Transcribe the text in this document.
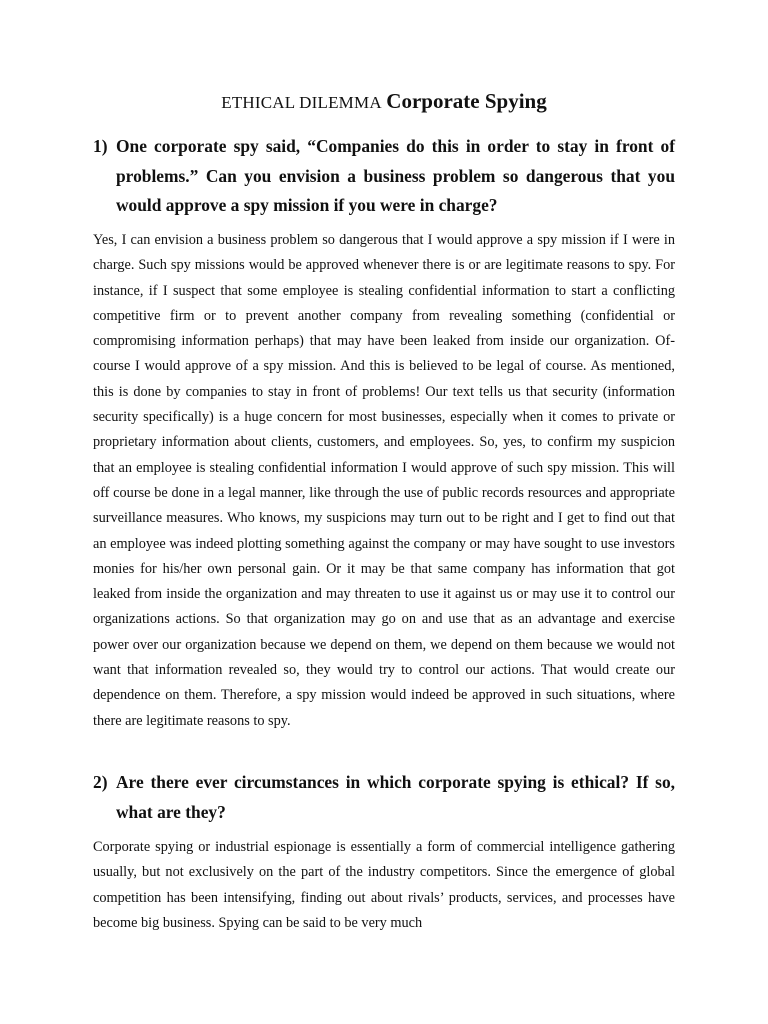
ETHICAL DILEMMA Corporate Spying
1) One corporate spy said, “Companies do this in order to stay in front of problems.” Can you envision a business problem so dangerous that you would approve a spy mission if you were in charge?

Yes, I can envision a business problem so dangerous that I would approve a spy mission if I were in charge. Such spy missions would be approved whenever there is or are legitimate reasons to spy. For instance, if I suspect that some employee is stealing confidential information to start a conflicting competitive firm or to prevent another company from revealing something (confidential or compromising information perhaps) that may have been leaked from inside our organization. Of-course I would approve of a spy mission. And this is believed to be legal of course. As mentioned, this is done by companies to stay in front of problems! Our text tells us that security (information security specifically) is a huge concern for most businesses, especially when it comes to private or proprietary information about clients, customers, and employees. So, yes, to confirm my suspicion that an employee is stealing confidential information I would approve of such spy mission. This will off course be done in a legal manner, like through the use of public records resources and appropriate surveillance measures. Who knows, my suspicions may turn out to be right and I get to find out that an employee was indeed plotting something against the company or may have sought to use investors monies for his/her own personal gain. Or it may be that same company has information that got leaked from inside the organization and may threaten to use it against us or may use it to control our organizations actions. So that organization may go on and use that as an advantage and exercise power over our organization because we depend on them, we depend on them because we would not want that information revealed so, they would try to control our actions. That would create our dependence on them. Therefore, a spy mission would indeed be approved in such situations, where there are legitimate reasons to spy.

2) Are there ever circumstances in which corporate spying is ethical? If so, what are they?

Corporate spying or industrial espionage is essentially a form of commercial intelligence gathering usually, but not exclusively on the part of the industry competitors. Since the emergence of global competition has been intensifying, finding out about rivals’ products, services, and processes have become big business. Spying can be said to be very much
